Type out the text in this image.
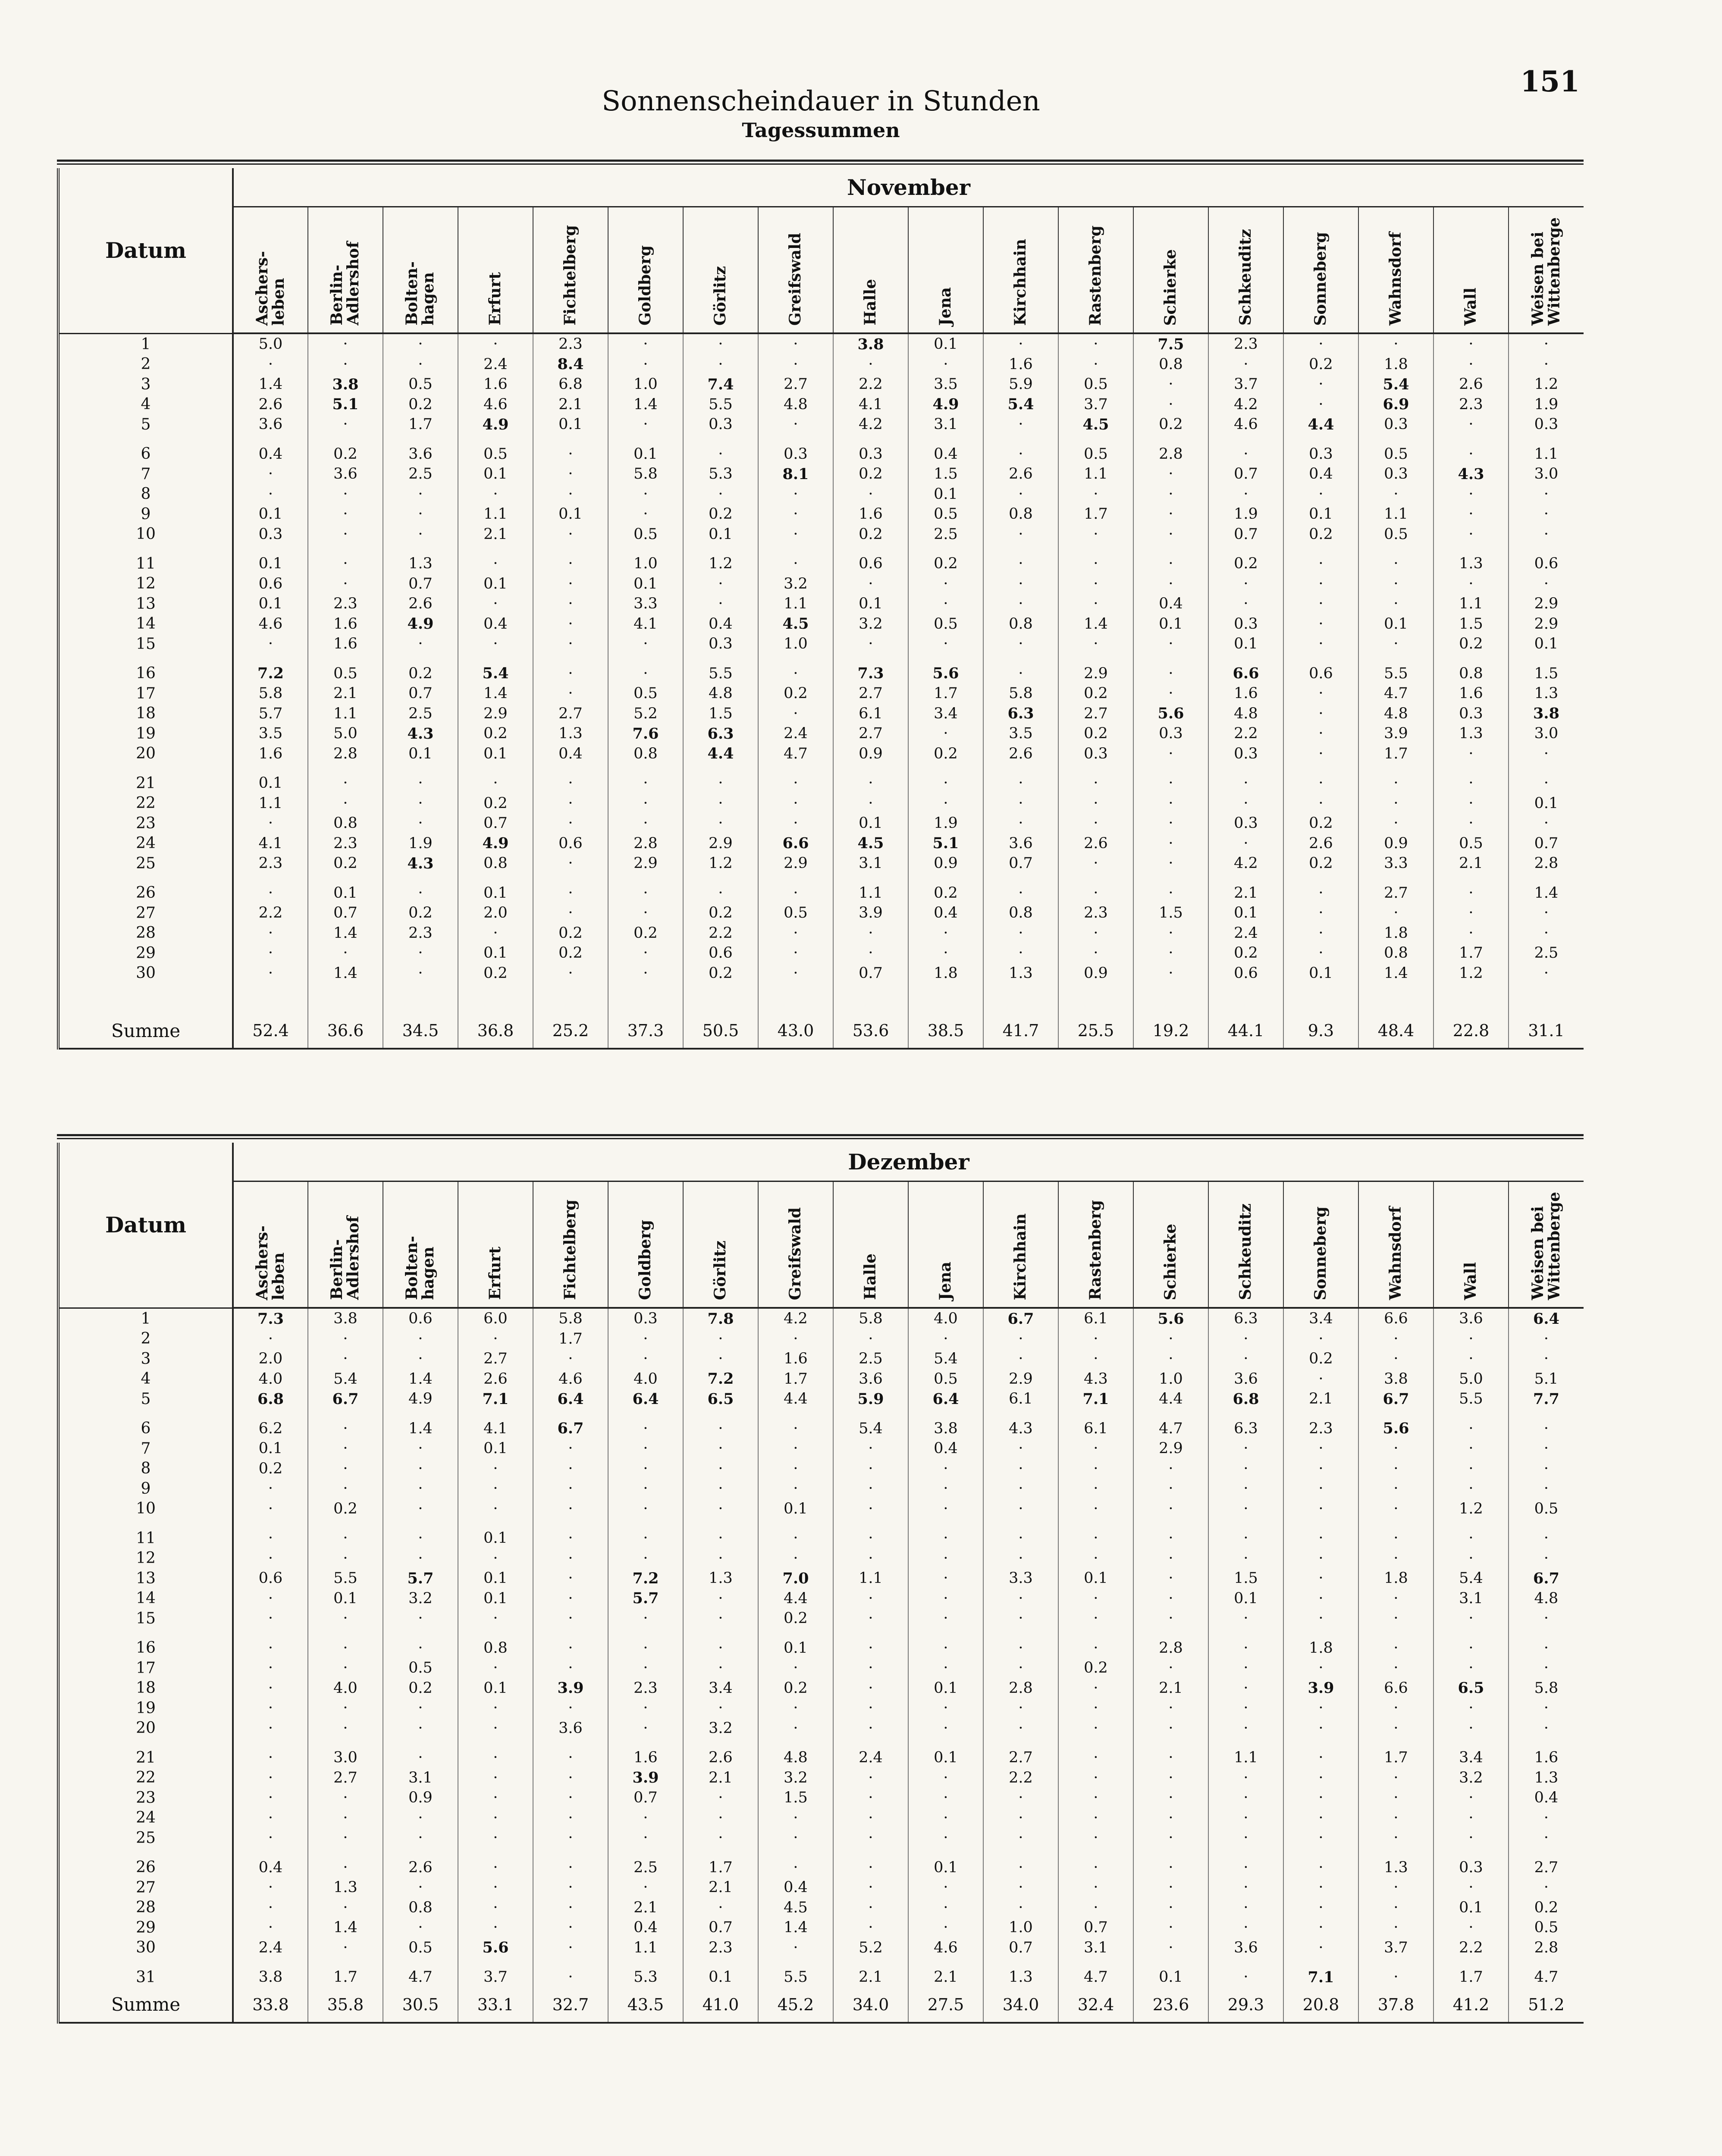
151
Sonnenscheindauer in Stunden
Tagessummen
Datum	November																	
	Aschers-
leben	Berlin-
Adlershof	Bolten-
hagen	Erfurt	Fichtelberg	Goldberg	Görlitz	Greifswald	Halle	Jena	Kirchhain	Rastenberg	Schierke	Schkeuditz	Sonneberg	Wahnsdorf	Wall	Weisen bei
Wittenberge
1	5.0	·	·	·	2.3	·	·	·	3.8	0.1	·	·	7.5	2.3	·	·	·	·
2	·	·	·	2.4	8.4	·	·	·	·	·	1.6	·	0.8	·	0.2	1.8	·	·
3	1.4	3.8	0.5	1.6	6.8	1.0	7.4	2.7	2.2	3.5	5.9	0.5	·	3.7	·	5.4	2.6	1.2
4	2.6	5.1	0.2	4.6	2.1	1.4	5.5	4.8	4.1	4.9	5.4	3.7	·	4.2	·	6.9	2.3	1.9
5	3.6	·	1.7	4.9	0.1	·	0.3	·	4.2	3.1	·	4.5	0.2	4.6	4.4	0.3	·	0.3

6	0.4	0.2	3.6	0.5	·	0.1	·	0.3	0.3	0.4	·	0.5	2.8	·	0.3	0.5	·	1.1
7	·	3.6	2.5	0.1	·	5.8	5.3	8.1	0.2	1.5	2.6	1.1	·	0.7	0.4	0.3	4.3	3.0
8	·	·	·	·	·	·	·	·	·	0.1	·	·	·	·	·	·	·	·
9	0.1	·	·	1.1	0.1	·	0.2	·	1.6	0.5	0.8	1.7	·	1.9	0.1	1.1	·	·
10	0.3	·	·	2.1	·	0.5	0.1	·	0.2	2.5	·	·	·	0.7	0.2	0.5	·	·

11	0.1	·	1.3	·	·	1.0	1.2	·	0.6	0.2	·	·	·	0.2	·	·	1.3	0.6
12	0.6	·	0.7	0.1	·	0.1	·	3.2	·	·	·	·	·	·	·	·	·	·
13	0.1	2.3	2.6	·	·	3.3	·	1.1	0.1	·	·	·	0.4	·	·	·	1.1	2.9
14	4.6	1.6	4.9	0.4	·	4.1	0.4	4.5	3.2	0.5	0.8	1.4	0.1	0.3	·	0.1	1.5	2.9
15	·	1.6	·	·	·	·	0.3	1.0	·	·	·	·	·	0.1	·	·	0.2	0.1

16	7.2	0.5	0.2	5.4	·	·	5.5	·	7.3	5.6	·	2.9	·	6.6	0.6	5.5	0.8	1.5
17	5.8	2.1	0.7	1.4	·	0.5	4.8	0.2	2.7	1.7	5.8	0.2	·	1.6	·	4.7	1.6	1.3
18	5.7	1.1	2.5	2.9	2.7	5.2	1.5	·	6.1	3.4	6.3	2.7	5.6	4.8	·	4.8	0.3	3.8
19	3.5	5.0	4.3	0.2	1.3	7.6	6.3	2.4	2.7	·	3.5	0.2	0.3	2.2	·	3.9	1.3	3.0
20	1.6	2.8	0.1	0.1	0.4	0.8	4.4	4.7	0.9	0.2	2.6	0.3	·	0.3	·	1.7	·	·

21	0.1	·	·	·	·	·	·	·	·	·	·	·	·	·	·	·	·	·
22	1.1	·	·	0.2	·	·	·	·	·	·	·	·	·	·	·	·	·	0.1
23	·	0.8	·	0.7	·	·	·	·	0.1	1.9	·	·	·	0.3	0.2	·	·	·
24	4.1	2.3	1.9	4.9	0.6	2.8	2.9	6.6	4.5	5.1	3.6	2.6	·	·	2.6	0.9	0.5	0.7
25	2.3	0.2	4.3	0.8	·	2.9	1.2	2.9	3.1	0.9	0.7	·	·	4.2	0.2	3.3	2.1	2.8

26	·	0.1	·	0.1	·	·	·	·	1.1	0.2	·	·	·	2.1	·	2.7	·	1.4
27	2.2	0.7	0.2	2.0	·	·	0.2	0.5	3.9	0.4	0.8	2.3	1.5	0.1	·	·	·	·
28	·	1.4	2.3	·	0.2	0.2	2.2	·	·	·	·	·	·	2.4	·	1.8	·	·
29	·	·	·	0.1	0.2	·	0.6	·	·	·	·	·	·	0.2	·	0.8	1.7	2.5
30	·	1.4	·	0.2	·	·	0.2	·	0.7	1.8	1.3	0.9	·	0.6	0.1	1.4	1.2	·

Summe	52.4	36.6	34.5	36.8	25.2	37.3	50.5	43.0	53.6	38.5	41.7	25.5	19.2	44.1	9.3	48.4	22.8	31.1
Datum	Dezember																	
	Aschers-
leben	Berlin-
Adlershof	Bolten-
hagen	Erfurt	Fichtelberg	Goldberg	Görlitz	Greifswald	Halle	Jena	Kirchhain	Rastenberg	Schierke	Schkeuditz	Sonneberg	Wahnsdorf	Wall	Weisen bei
Wittenberge
1	7.3	3.8	0.6	6.0	5.8	0.3	7.8	4.2	5.8	4.0	6.7	6.1	5.6	6.3	3.4	6.6	3.6	6.4
2	·	·	·	·	1.7	·	·	·	·	·	·	·	·	·	·	·	·	·
3	2.0	·	·	2.7	·	·	·	1.6	2.5	5.4	·	·	·	·	0.2	·	·	·
4	4.0	5.4	1.4	2.6	4.6	4.0	7.2	1.7	3.6	0.5	2.9	4.3	1.0	3.6	·	3.8	5.0	5.1
5	6.8	6.7	4.9	7.1	6.4	6.4	6.5	4.4	5.9	6.4	6.1	7.1	4.4	6.8	2.1	6.7	5.5	7.7

6	6.2	·	1.4	4.1	6.7	·	·	·	5.4	3.8	4.3	6.1	4.7	6.3	2.3	5.6	·	·
7	0.1	·	·	0.1	·	·	·	·	·	0.4	·	·	2.9	·	·	·	·	·
8	0.2	·	·	·	·	·	·	·	·	·	·	·	·	·	·	·	·	·
9	·	·	·	·	·	·	·	·	·	·	·	·	·	·	·	·	·	·
10	·	0.2	·	·	·	·	·	0.1	·	·	·	·	·	·	·	·	1.2	0.5

11	·	·	·	0.1	·	·	·	·	·	·	·	·	·	·	·	·	·	·
12	·	·	·	·	·	·	·	·	·	·	·	·	·	·	·	·	·	·
13	0.6	5.5	5.7	0.1	·	7.2	1.3	7.0	1.1	·	3.3	0.1	·	1.5	·	1.8	5.4	6.7
14	·	0.1	3.2	0.1	·	5.7	·	4.4	·	·	·	·	·	0.1	·	·	3.1	4.8
15	·	·	·	·	·	·	·	0.2	·	·	·	·	·	·	·	·	·	·

16	·	·	·	0.8	·	·	·	0.1	·	·	·	·	2.8	·	1.8	·	·	·
17	·	·	0.5	·	·	·	·	·	·	·	·	0.2	·	·	·	·	·	·
18	·	4.0	0.2	0.1	3.9	2.3	3.4	0.2	·	0.1	2.8	·	2.1	·	3.9	6.6	6.5	5.8
19	·	·	·	·	·	·	·	·	·	·	·	·	·	·	·	·	·	·
20	·	·	·	·	3.6	·	3.2	·	·	·	·	·	·	·	·	·	·	·

21	·	3.0	·	·	·	1.6	2.6	4.8	2.4	0.1	2.7	·	·	1.1	·	1.7	3.4	1.6
22	·	2.7	3.1	·	·	3.9	2.1	3.2	·	·	2.2	·	·	·	·	·	3.2	1.3
23	·	·	0.9	·	·	0.7	·	1.5	·	·	·	·	·	·	·	·	·	0.4
24	·	·	·	·	·	·	·	·	·	·	·	·	·	·	·	·	·	·
25	·	·	·	·	·	·	·	·	·	·	·	·	·	·	·	·	·	·

26	0.4	·	2.6	·	·	2.5	1.7	·	·	0.1	·	·	·	·	·	1.3	0.3	2.7
27	·	1.3	·	·	·	·	2.1	0.4	·	·	·	·	·	·	·	·	·	·
28	·	·	0.8	·	·	2.1	·	4.5	·	·	·	·	·	·	·	·	0.1	0.2
29	·	1.4	·	·	·	0.4	0.7	1.4	·	·	1.0	0.7	·	·	·	·	·	0.5
30	2.4	·	0.5	5.6	·	1.1	2.3	·	5.2	4.6	0.7	3.1	·	3.6	·	3.7	2.2	2.8

31	3.8	1.7	4.7	3.7	·	5.3	0.1	5.5	2.1	2.1	1.3	4.7	0.1	·	7.1	·	1.7	4.7
Summe	33.8	35.8	30.5	33.1	32.7	43.5	41.0	45.2	34.0	27.5	34.0	32.4	23.6	29.3	20.8	37.8	41.2	51.2
